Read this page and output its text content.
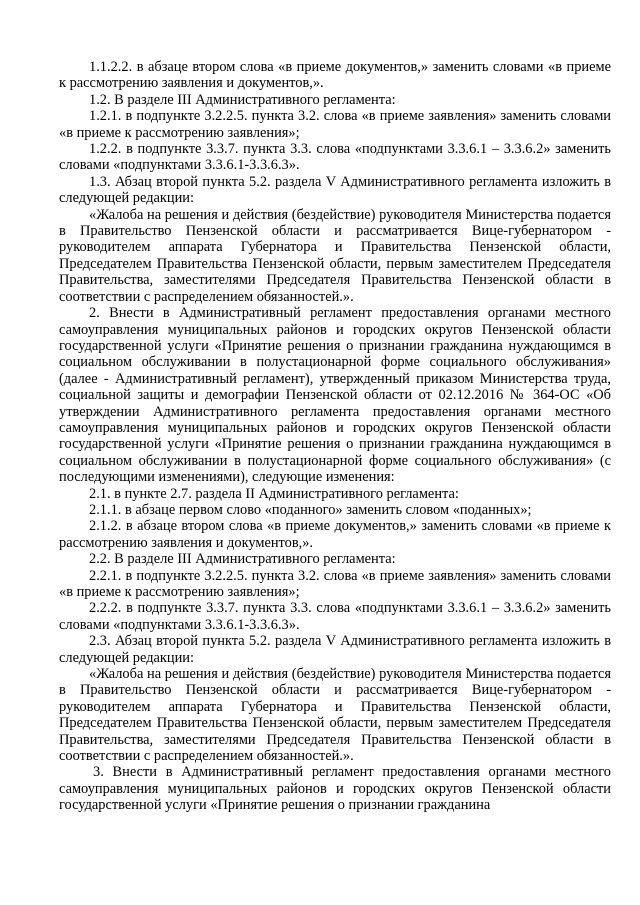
1.1.2.2. в абзаце втором слова «в приеме документов,» заменить словами «в приеме к рассмотрению заявления и документов,».

1.2. В разделе III Административного регламента:

1.2.1. в подпункте 3.2.2.5. пункта 3.2. слова «в приеме заявления» заменить словами «в приеме к рассмотрению заявления»;

1.2.2. в подпункте 3.3.7. пункта 3.3. слова «подпунктами 3.3.6.1 – 3.3.6.2» заменить словами «подпунктами 3.3.6.1-3.3.6.3».

1.3. Абзац второй пункта 5.2. раздела V Административного регламента изложить в следующей редакции:

«Жалоба на решения и действия (бездействие) руководителя Министерства подается в Правительство Пензенской области и рассматривается Вице-губернатором - руководителем аппарата Губернатора и Правительства Пензенской области, Председателем Правительства Пензенской области, первым заместителем Председателя Правительства, заместителями Председателя Правительства Пензенской области в соответствии с распределением обязанностей.».

2. Внести в Административный регламент предоставления органами местного самоуправления муниципальных районов и городских округов Пензенской области государственной услуги «Принятие решения о признании гражданина нуждающимся в социальном обслуживании в полустационарной форме социального обслуживания» (далее - Административный регламент), утвержденный приказом Министерства труда, социальной защиты и демографии Пензенской области от 02.12.2016 № 364-ОС «Об утверждении Административного регламента предоставления органами местного самоуправления муниципальных районов и городских округов Пензенской области государственной услуги «Принятие решения о признании гражданина нуждающимся в социальном обслуживании в полустационарной форме социального обслуживания» (с последующими изменениями), следующие изменения:

2.1. в пункте 2.7. раздела II Административного регламента:

2.1.1. в абзаце первом слово «поданного» заменить словом «поданных»;

2.1.2. в абзаце втором слова «в приеме документов,» заменить словами «в приеме к рассмотрению заявления и документов,».

2.2. В разделе III Административного регламента:

2.2.1. в подпункте 3.2.2.5. пункта 3.2. слова «в приеме заявления» заменить словами «в приеме к рассмотрению заявления»;

2.2.2. в подпункте 3.3.7. пункта 3.3. слова «подпунктами 3.3.6.1 – 3.3.6.2» заменить словами «подпунктами 3.3.6.1-3.3.6.3».

2.3. Абзац второй пункта 5.2. раздела V Административного регламента изложить в следующей редакции:

«Жалоба на решения и действия (бездействие) руководителя Министерства подается в Правительство Пензенской области и рассматривается Вице-губернатором - руководителем аппарата Губернатора и Правительства Пензенской области, Председателем Правительства Пензенской области, первым заместителем Председателя Правительства, заместителями Председателя Правительства Пензенской области в соответствии с распределением обязанностей.».

3. Внести в Административный регламент предоставления органами местного самоуправления муниципальных районов и городских округов Пензенской области государственной услуги «Принятие решения о признании гражданина
